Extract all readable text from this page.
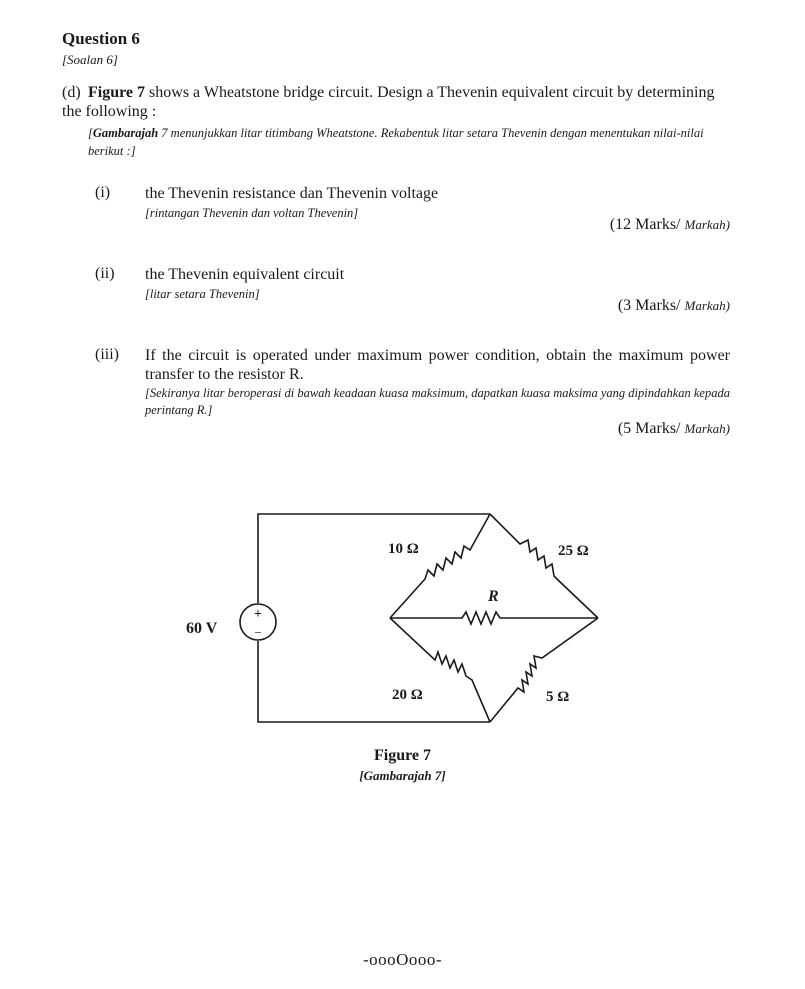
Question 6
[Soalan 6]
(d) Figure 7 shows a Wheatstone bridge circuit. Design a Thevenin equivalent circuit by determining the following :
[Gambarajah 7 menunjukkan litar titimbang Wheatstone. Rekabentuk litar setara Thevenin dengan menentukan nilai-nilai berikut :]
(i) the Thevenin resistance dan Thevenin voltage
[rintangan Thevenin dan voltan Thevenin]
(12 Marks/ Markah)
(ii) the Thevenin equivalent circuit
[litar setara Thevenin]
(3 Marks/ Markah)
(iii) If the circuit is operated under maximum power condition, obtain the maximum power transfer to the resistor R.
[Sekiranya litar beroperasi di bawah keadaan kuasa maksimum, dapatkan kuasa maksima yang dipindahkan kepada perintang R.]
(5 Marks/ Markah)
+
−
60 V
10 Ω	25 Ω
20 Ω	5 Ω
R
Figure 7
[Gambarajah 7]
-oooOooo-
